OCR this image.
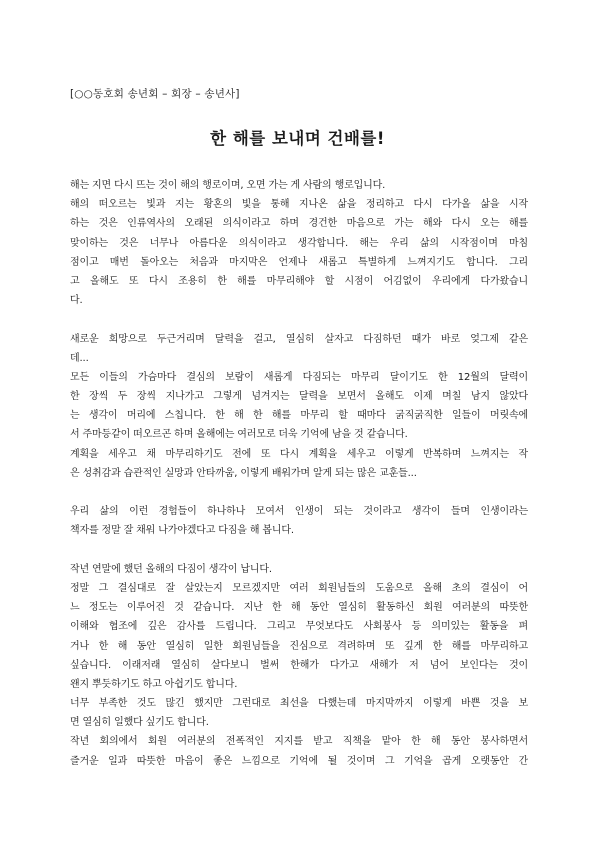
[○○동호회 송년회 – 회장 – 송년사]
한 해를 보내며 건배를!
해는 지면 다시 뜨는 것이 해의 행로이며, 오면 가는 게 사람의 행로입니다.
해의 떠오르는 빛과 지는 황혼의 빛을 통해 지나온 삶을 정리하고 다시 다가올 삶을 시작
하는 것은 인류역사의 오래된 의식이라고 하며 경건한 마음으로 가는 해와 다시 오는 해를
맞이하는 것은 너무나 아름다운 의식이라고 생각합니다. 해는 우리 삶의 시작점이며 마침
점이고 매번 돌아오는 처음과 마지막은 언제나 새롭고 특별하게 느껴지기도 합니다. 그리
고 올해도 또 다시 조용히 한 해를 마무리해야 할 시점이 어김없이 우리에게 다가왔습니
다.
새로운 희망으로 두근거리며 달력을 걸고, 열심히 살자고 다짐하던 때가 바로 엊그제 같은
데...
모든 이들의 가슴마다 결심의 보람이 새롭게 다짐되는 마무리 달이기도 한 12월의 달력이
한 장씩 두 장씩 지나가고 그렇게 넘겨지는 달력을 보면서 올해도 이제 며칠 남지 않았다
는 생각이 머리에 스칩니다. 한 해 한 해를 마무리 할 때마다 굵직굵직한 일들이 머릿속에
서 주마등같이 떠오르곤 하며 올해에는 여러모로 더욱 기억에 남을 것 같습니다.
계획을 세우고 채 마무리하기도 전에 또 다시 계획을 세우고 이렇게 반복하며 느껴지는 작
은 성취감과 습관적인 실망과 안타까움, 이렇게 배워가며 알게 되는 많은 교훈들...
우리 삶의 이런 경험들이 하나하나 모여서 인생이 되는 것이라고 생각이 들며 인생이라는
책자를 정말 잘 채워 나가야겠다고 다짐을 해 봅니다.
작년 연말에 했던 올해의 다짐이 생각이 납니다.
정말 그 결심대로 잘 살았는지 모르겠지만 여러 회원님들의 도움으로 올해 초의 결심이 어
느 정도는 이루어진 것 같습니다. 지난 한 해 동안 열심히 활동하신 회원 여러분의 따뜻한
이해와 협조에 깊은 감사를 드립니다. 그리고 무엇보다도 사회봉사 등 의미있는 활동을 펴
거나 한 해 동안 열심히 일한 회원님들을 진심으로 격려하며 또 깊게 한 해를 마무리하고
싶습니다. 이래저래 열심히 살다보니 벌써 한해가 다가고 새해가 저 넘어 보인다는 것이
왠지 뿌듯하기도 하고 아쉽기도 합니다.
너무 부족한 것도 많긴 했지만 그런대로 최선을 다했는데 마지막까지 이렇게 바쁜 것을 보
면 열심히 일했다 싶기도 합니다.
작년 회의에서 회원 여러분의 전폭적인 지지를 받고 직책을 맡아 한 해 동안 봉사하면서
즐거운 일과 따뜻한 마음이 좋은 느낌으로 기억에 될 것이며 그 기억을 곱게 오랫동안 간
